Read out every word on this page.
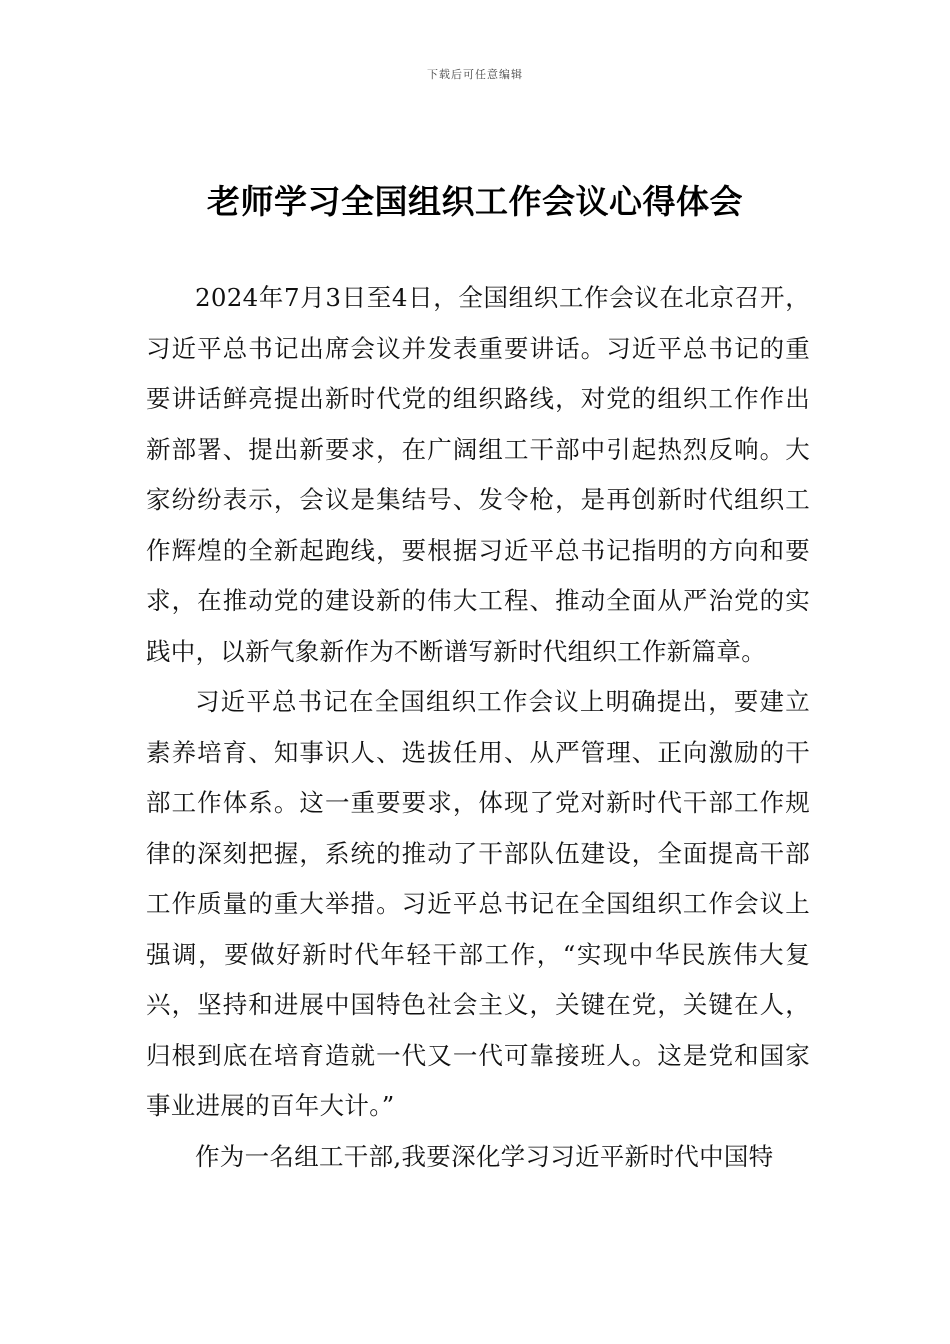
下载后可任意编辑
老师学习全国组织工作会议心得体会

2024年7月3日至4日，全国组织工作会议在北京召开，习近平总书记出席会议并发表重要讲话。习近平总书记的重要讲话鲜亮提出新时代党的组织路线，对党的组织工作作出新部署、提出新要求，在广阔组工干部中引起热烈反响。大家纷纷表示，会议是集结号、发令枪，是再创新时代组织工作辉煌的全新起跑线，要根据习近平总书记指明的方向和要求，在推动党的建设新的伟大工程、推动全面从严治党的实践中，以新气象新作为不断谱写新时代组织工作新篇章。

习近平总书记在全国组织工作会议上明确提出，要建立素养培育、知事识人、选拔任用、从严管理、正向激励的干部工作体系。这一重要要求，体现了党对新时代干部工作规律的深刻把握，系统的推动了干部队伍建设，全面提高干部工作质量的重大举措。习近平总书记在全国组织工作会议上强调，要做好新时代年轻干部工作，“实现中华民族伟大复兴，坚持和进展中国特色社会主义，关键在党，关键在人，归根到底在培育造就一代又一代可靠接班人。这是党和国家事业进展的百年大计。”

作为一名组工干部,我要深化学习习近平新时代中国特
